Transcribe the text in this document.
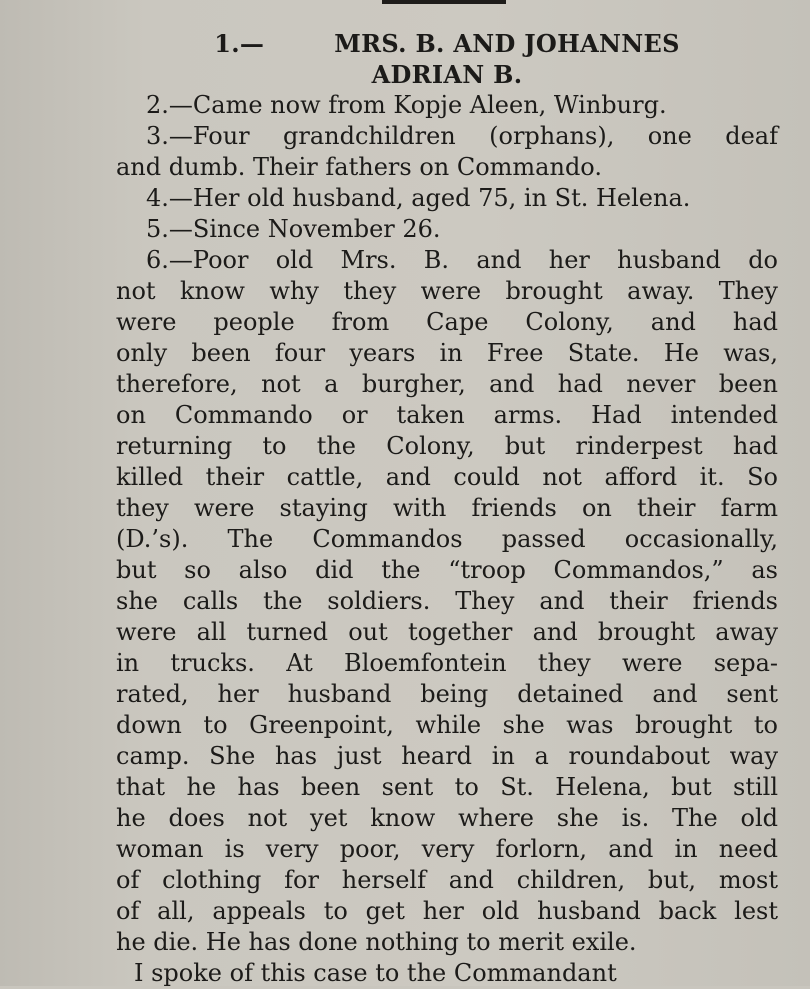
1.—	MRS. B. AND JOHANNES
ADRIAN B.
2.—Came now from Kopje Aleen, Winburg.
3.—Four grandchildren (orphans), one deaf
and dumb. Their fathers on Commando.
4.—Her old husband, aged 75, in St. Helena.
5.—Since November 26.
6.—Poor old Mrs. B. and her husband do
not know why they were brought away. They
were people from Cape Colony, and had
only been four years in Free State. He was,
therefore, not a burgher, and had never been
on Commando or taken arms. Had intended
returning to the Colony, but rinderpest had
killed their cattle, and could not afford it. So
they were staying with friends on their farm
(D.’s). The Commandos passed occasionally,
but so also did the “troop Commandos,” as
she calls the soldiers. They and their friends
were all turned out together and brought away
in trucks. At Bloemfontein they were sepa-
rated, her husband being detained and sent
down to Greenpoint, while she was brought to
camp. She has just heard in a roundabout way
that he has been sent to St. Helena, but still
he does not yet know where she is. The old
woman is very poor, very forlorn, and in need
of clothing for herself and children, but, most
of all, appeals to get her old husband back lest
he die. He has done nothing to merit exile.
I spoke of this case to the Commandant
